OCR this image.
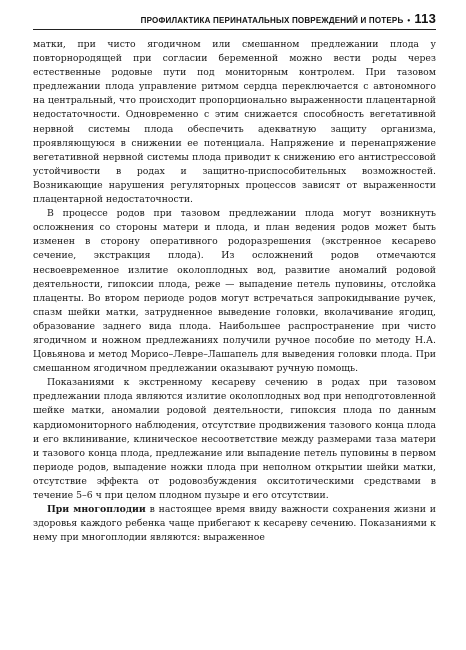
ПРОФИЛАКТИКА ПЕРИНАТАЛЬНЫХ ПОВРЕЖДЕНИЙ И ПОТЕРЬ • 113

матки, при чисто ягодичном или смешанном предлежании плода у повторнородящей при согласии беременной можно вести роды через естественные родовые пути под мониторным контролем. При тазовом предлежании плода управление ритмом сердца переключается с автономного на центральный, что происходит пропорционально выраженности плацентарной недостаточности. Одновременно с этим снижается способность вегетативной нервной системы плода обеспечить адекватную защиту организма, проявляющуюся в снижении ее потенциала. Напряжение и перенапряжение вегетативной нервной системы плода приводит к снижению его антистрессовой устойчивости в родах и защитно-приспособительных возможностей. Возникающие нарушения регуляторных процессов зависят от выраженности плацентарной недостаточности.

В процессе родов при тазовом предлежании плода могут возникнуть осложнения со стороны матери и плода, и план ведения родов может быть изменен в сторону оперативного родоразрешения (экстренное кесарево сечение, экстракция плода). Из осложнений родов отмечаются несвоевременное излитие околоплодных вод, развитие аномалий родовой деятельности, гипоксии плода, реже — выпадение петель пуповины, отслойка плаценты. Во втором периоде родов могут встречаться запрокидывание ручек, спазм шейки матки, затрудненное выведение головки, вколачивание ягодиц, образование заднего вида плода. Наибольшее распространение при чисто ягодичном и ножном предлежаниях получили ручное пособие по методу Н.А. Цовьянова и метод Морисо–Левре–Лашапель для выведения головки плода. При смешанном ягодичном предлежании оказывают ручную помощь.

Показаниями к экстренному кесареву сечению в родах при тазовом предлежании плода являются излитие околоплодных вод при неподготовленной шейке матки, аномалии родовой деятельности, гипоксия плода по данным кардиомониторного наблюдения, отсутствие продвижения тазового конца плода и его вклинивание, клиническое несоответствие между размерами таза матери и тазового конца плода, предлежание или выпадение петель пуповины в первом периоде родов, выпадение ножки плода при неполном открытии шейки матки, отсутствие эффекта от родовозбуждения окситотическими средствами в течение 5–6 ч при целом плодном пузыре и его отсутствии.

При многоплодии в настоящее время ввиду важности сохранения жизни и здоровья каждого ребенка чаще прибегают к кесареву сечению. Показаниями к нему при многоплодии являются: выраженное
